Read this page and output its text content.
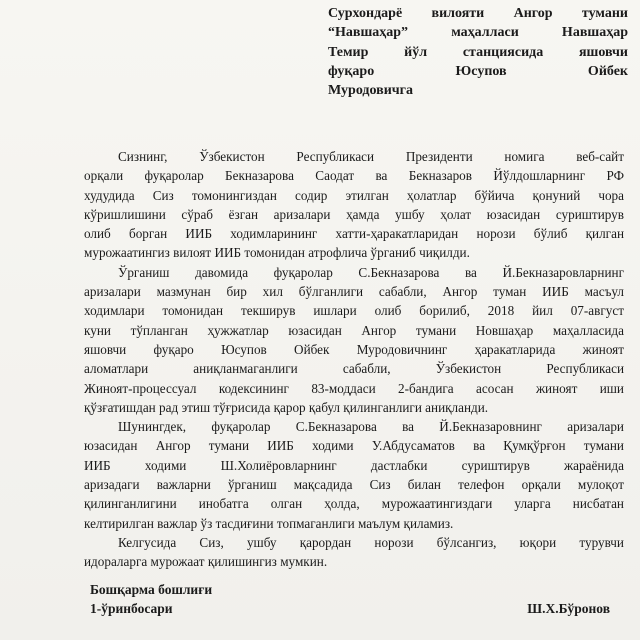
Сурхондарё вилояти Ангор тумани
“Навшаҳар” маҳалласи Навшаҳар
Темир йўл станциясида яшовчи
фуқаро Юсупов Ойбек
Муродовичга
Сизнинг, Ўзбекистон Республикаси Президенти номига веб-сайт
орқали фуқаролар Бекназарова Саодат ва Бекназаров Йўлдошларнинг РФ
худудида Сиз томонингиздан содир этилган ҳолатлар бўйича қонуний чора
кўришлишини сўраб ёзган аризалари ҳамда ушбу ҳолат юзасидан суриштирув
олиб борган ИИБ ходимларининг хатти-ҳаракатларидан норози бўлиб қилган
мурожаатингиз вилоят ИИБ томонидан атрофлича ўрганиб чиқилди.
Ўрганиш давомида фуқаролар С.Бекназарова ва Й.Бекназаровларнинг
аризалари мазмунан бир хил бўлганлиги сабабли, Ангор туман ИИБ масъул
ходимлари томонидан текширув ишлари олиб борилиб, 2018 йил 07-август
куни тўпланган ҳужжатлар юзасидан Ангор тумани Новшаҳар маҳалласида
яшовчи фуқаро Юсупов Ойбек Муродовичнинг ҳаракатларида жиноят
аломатлари аниқланмаганлиги сабабли, Ўзбекистон Республикаси
Жиноят-процессуал кодексининг 83-моддаси 2-бандига асосан жиноят иши
қўзғатишдан рад этиш тўғрисида қарор қабул қилинганлиги аниқланди.
Шунингдек, фуқаролар С.Бекназарова ва Й.Бекназаровнинг аризалари
юзасидан Ангор тумани ИИБ ходими У.Абдусаматов ва Қумқўрғон тумани
ИИБ ходими Ш.Холиёровларнинг дастлабки суриштирув жараёнида
аризадаги важларни ўрганиш мақсадида Сиз билан телефон орқали мулоқот
қилинганлигини инобатга олган ҳолда, мурожаатингиздаги уларга нисбатан
келтирилган важлар ўз тасдиғини топмаганлиги маълум қиламиз.
Келгусида Сиз, ушбу қарордан норози бўлсангиз, юқори турувчи
идораларга мурожаат қилишингиз мумкин.
Бошқарма бошлиғи
1-ўринбосари	Ш.Х.Бўронов
